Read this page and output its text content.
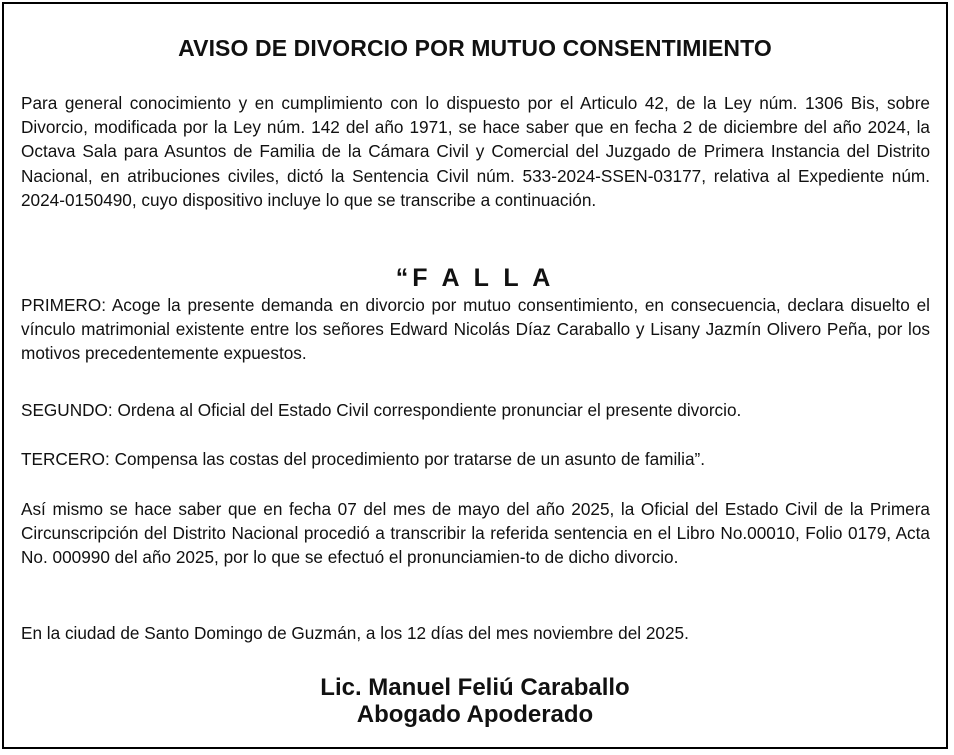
AVISO DE DIVORCIO POR MUTUO CONSENTIMIENTO

Para general conocimiento y en cumplimiento con lo dispuesto por el Articulo 42, de la Ley núm. 1306 Bis, sobre Divorcio, modificada por la Ley núm. 142 del año 1971, se hace saber que en fecha 2 de diciembre del año 2024, la Octava Sala para Asuntos de Familia de la Cámara Civil y Comercial del Juzgado de Primera Instancia del Distrito Nacional, en atribuciones civiles, dictó la Sentencia Civil núm. 533-2024-SSEN-03177, relativa al Expediente núm. 2024-0150490, cuyo dispositivo incluye lo que se transcribe a continuación.

“F A L L A

PRIMERO: Acoge la presente demanda en divorcio por mutuo consentimiento, en consecuencia, declara disuelto el vínculo matrimonial existente entre los señores Edward Nicolás Díaz Caraballo y Lisany Jazmín Olivero Peña, por los motivos precedentemente expuestos.

SEGUNDO: Ordena al Oficial del Estado Civil correspondiente pronunciar el presente divorcio.

TERCERO: Compensa las costas del procedimiento por tratarse de un asunto de familia”.

Así mismo se hace saber que en fecha 07 del mes de mayo del año 2025, la Oficial del Estado Civil de la Primera Circunscripción del Distrito Nacional procedió a transcribir la referida sentencia en el Libro No.00010, Folio 0179, Acta No. 000990 del año 2025, por lo que se efectuó el pronunciamien-to de dicho divorcio.

En la ciudad de Santo Domingo de Guzmán, a los 12 días del mes noviembre del 2025.

Lic. Manuel Feliú Caraballo
Abogado Apoderado
